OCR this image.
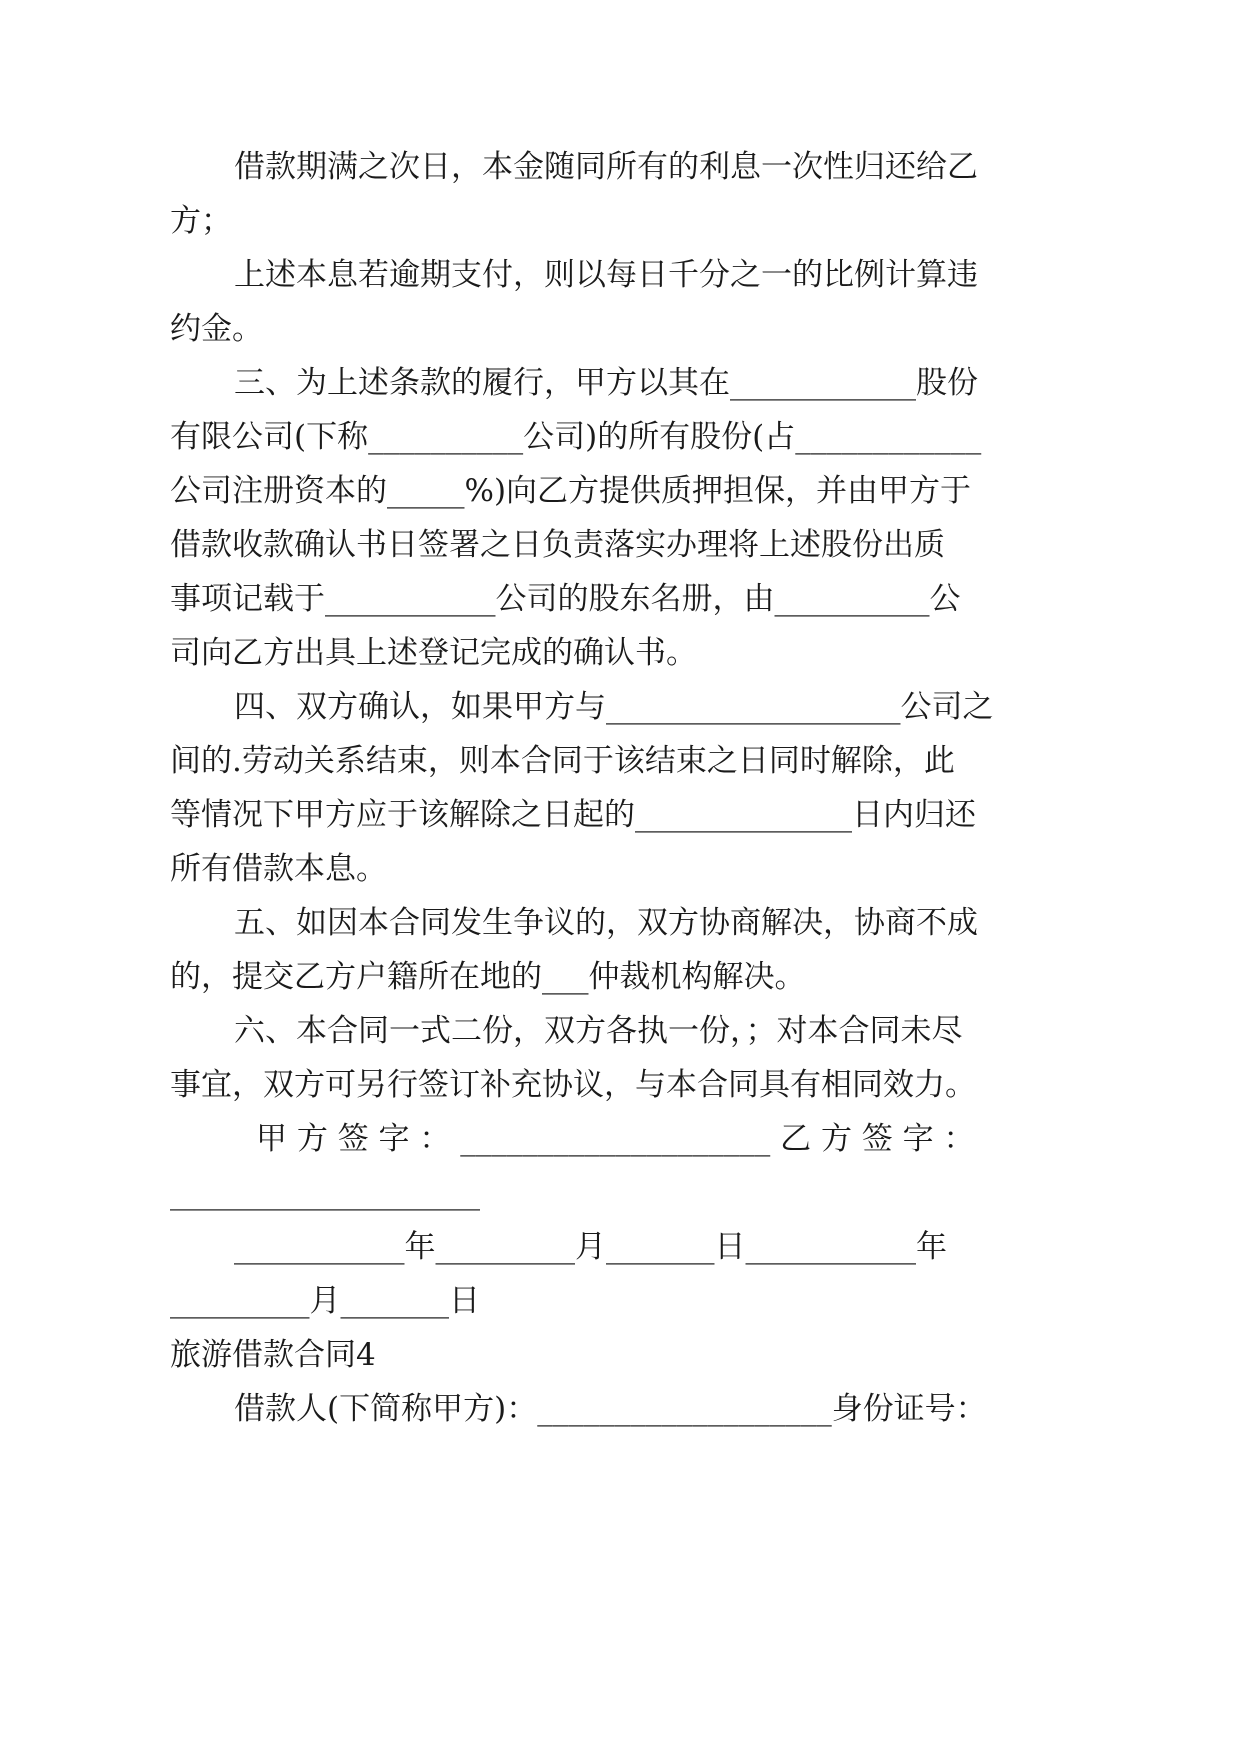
借款期满之次日，本金随同所有的利息一次性归还给乙
方；
上述本息若逾期支付，则以每日千分之一的比例计算违
约金。
三、为上述条款的履行，甲方以其在____________股份
有限公司(下称__________公司)的所有股份(占____________
公司注册资本的_____%)向乙方提供质押担保，并由甲方于
借款收款确认书日签署之日负责落实办理将上述股份出质
事项记载于___________公司的股东名册，由__________公
司向乙方出具上述登记完成的确认书。
四、双方确认，如果甲方与___________________公司之
间的.劳动关系结束，则本合同于该结束之日同时解除，此
等情况下甲方应于该解除之日起的______________日内归还
所有借款本息。
五、如因本合同发生争议的，双方协商解决，协商不成
的，提交乙方户籍所在地的___仲裁机构解决。
六、本合同一式二份，双方各执一份，；对本合同未尽
事宜，双方可另行签订补充协议，与本合同具有相同效力。
甲 方 签 字 ： ____________________ 乙 方 签 字 ：
____________________
___________年_________月_______日___________年
_________月_______日
旅游借款合同4
借款人(下简称甲方)：___________________身份证号：
